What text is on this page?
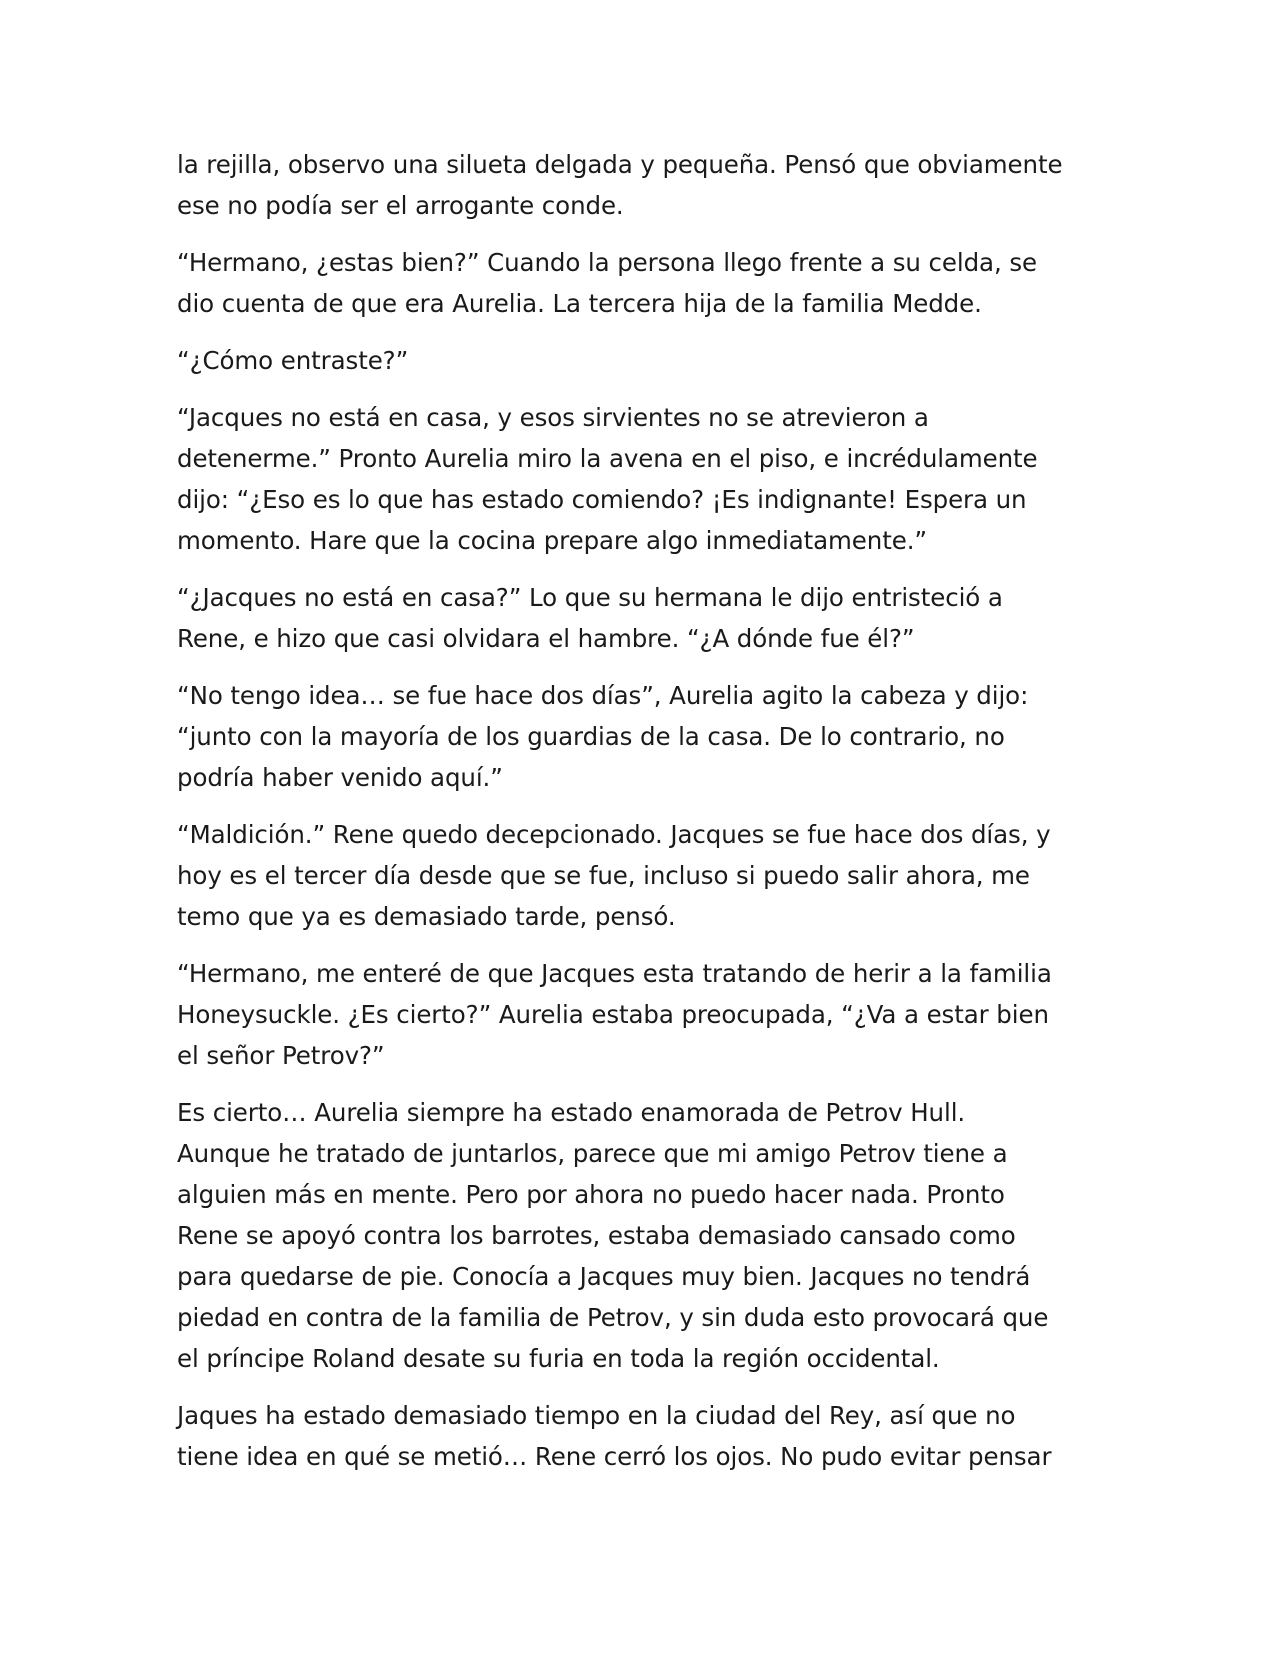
la rejilla, observo una silueta delgada y pequeña. Pensó que obviamente
ese no podía ser el arrogante conde.

“Hermano, ¿estas bien?” Cuando la persona llego frente a su celda, se
dio cuenta de que era Aurelia. La tercera hija de la familia Medde.

“¿Cómo entraste?”

“Jacques no está en casa, y esos sirvientes no se atrevieron a
detenerme.” Pronto Aurelia miro la avena en el piso, e incrédulamente
dijo: “¿Eso es lo que has estado comiendo? ¡Es indignante! Espera un
momento. Hare que la cocina prepare algo inmediatamente.”

“¿Jacques no está en casa?” Lo que su hermana le dijo entristeció a
Rene, e hizo que casi olvidara el hambre. “¿A dónde fue él?”

“No tengo idea… se fue hace dos días”, Aurelia agito la cabeza y dijo:
“junto con la mayoría de los guardias de la casa. De lo contrario, no
podría haber venido aquí.”

“Maldición.” Rene quedo decepcionado. Jacques se fue hace dos días, y
hoy es el tercer día desde que se fue, incluso si puedo salir ahora, me
temo que ya es demasiado tarde, pensó.

“Hermano, me enteré de que Jacques esta tratando de herir a la familia
Honeysuckle. ¿Es cierto?” Aurelia estaba preocupada, “¿Va a estar bien
el señor Petrov?”

Es cierto… Aurelia siempre ha estado enamorada de Petrov Hull.
Aunque he tratado de juntarlos, parece que mi amigo Petrov tiene a
alguien más en mente. Pero por ahora no puedo hacer nada. Pronto
Rene se apoyó contra los barrotes, estaba demasiado cansado como
para quedarse de pie. Conocía a Jacques muy bien. Jacques no tendrá
piedad en contra de la familia de Petrov, y sin duda esto provocará que
el príncipe Roland desate su furia en toda la región occidental.

Jaques ha estado demasiado tiempo en la ciudad del Rey, así que no
tiene idea en qué se metió… Rene cerró los ojos. No pudo evitar pensar
